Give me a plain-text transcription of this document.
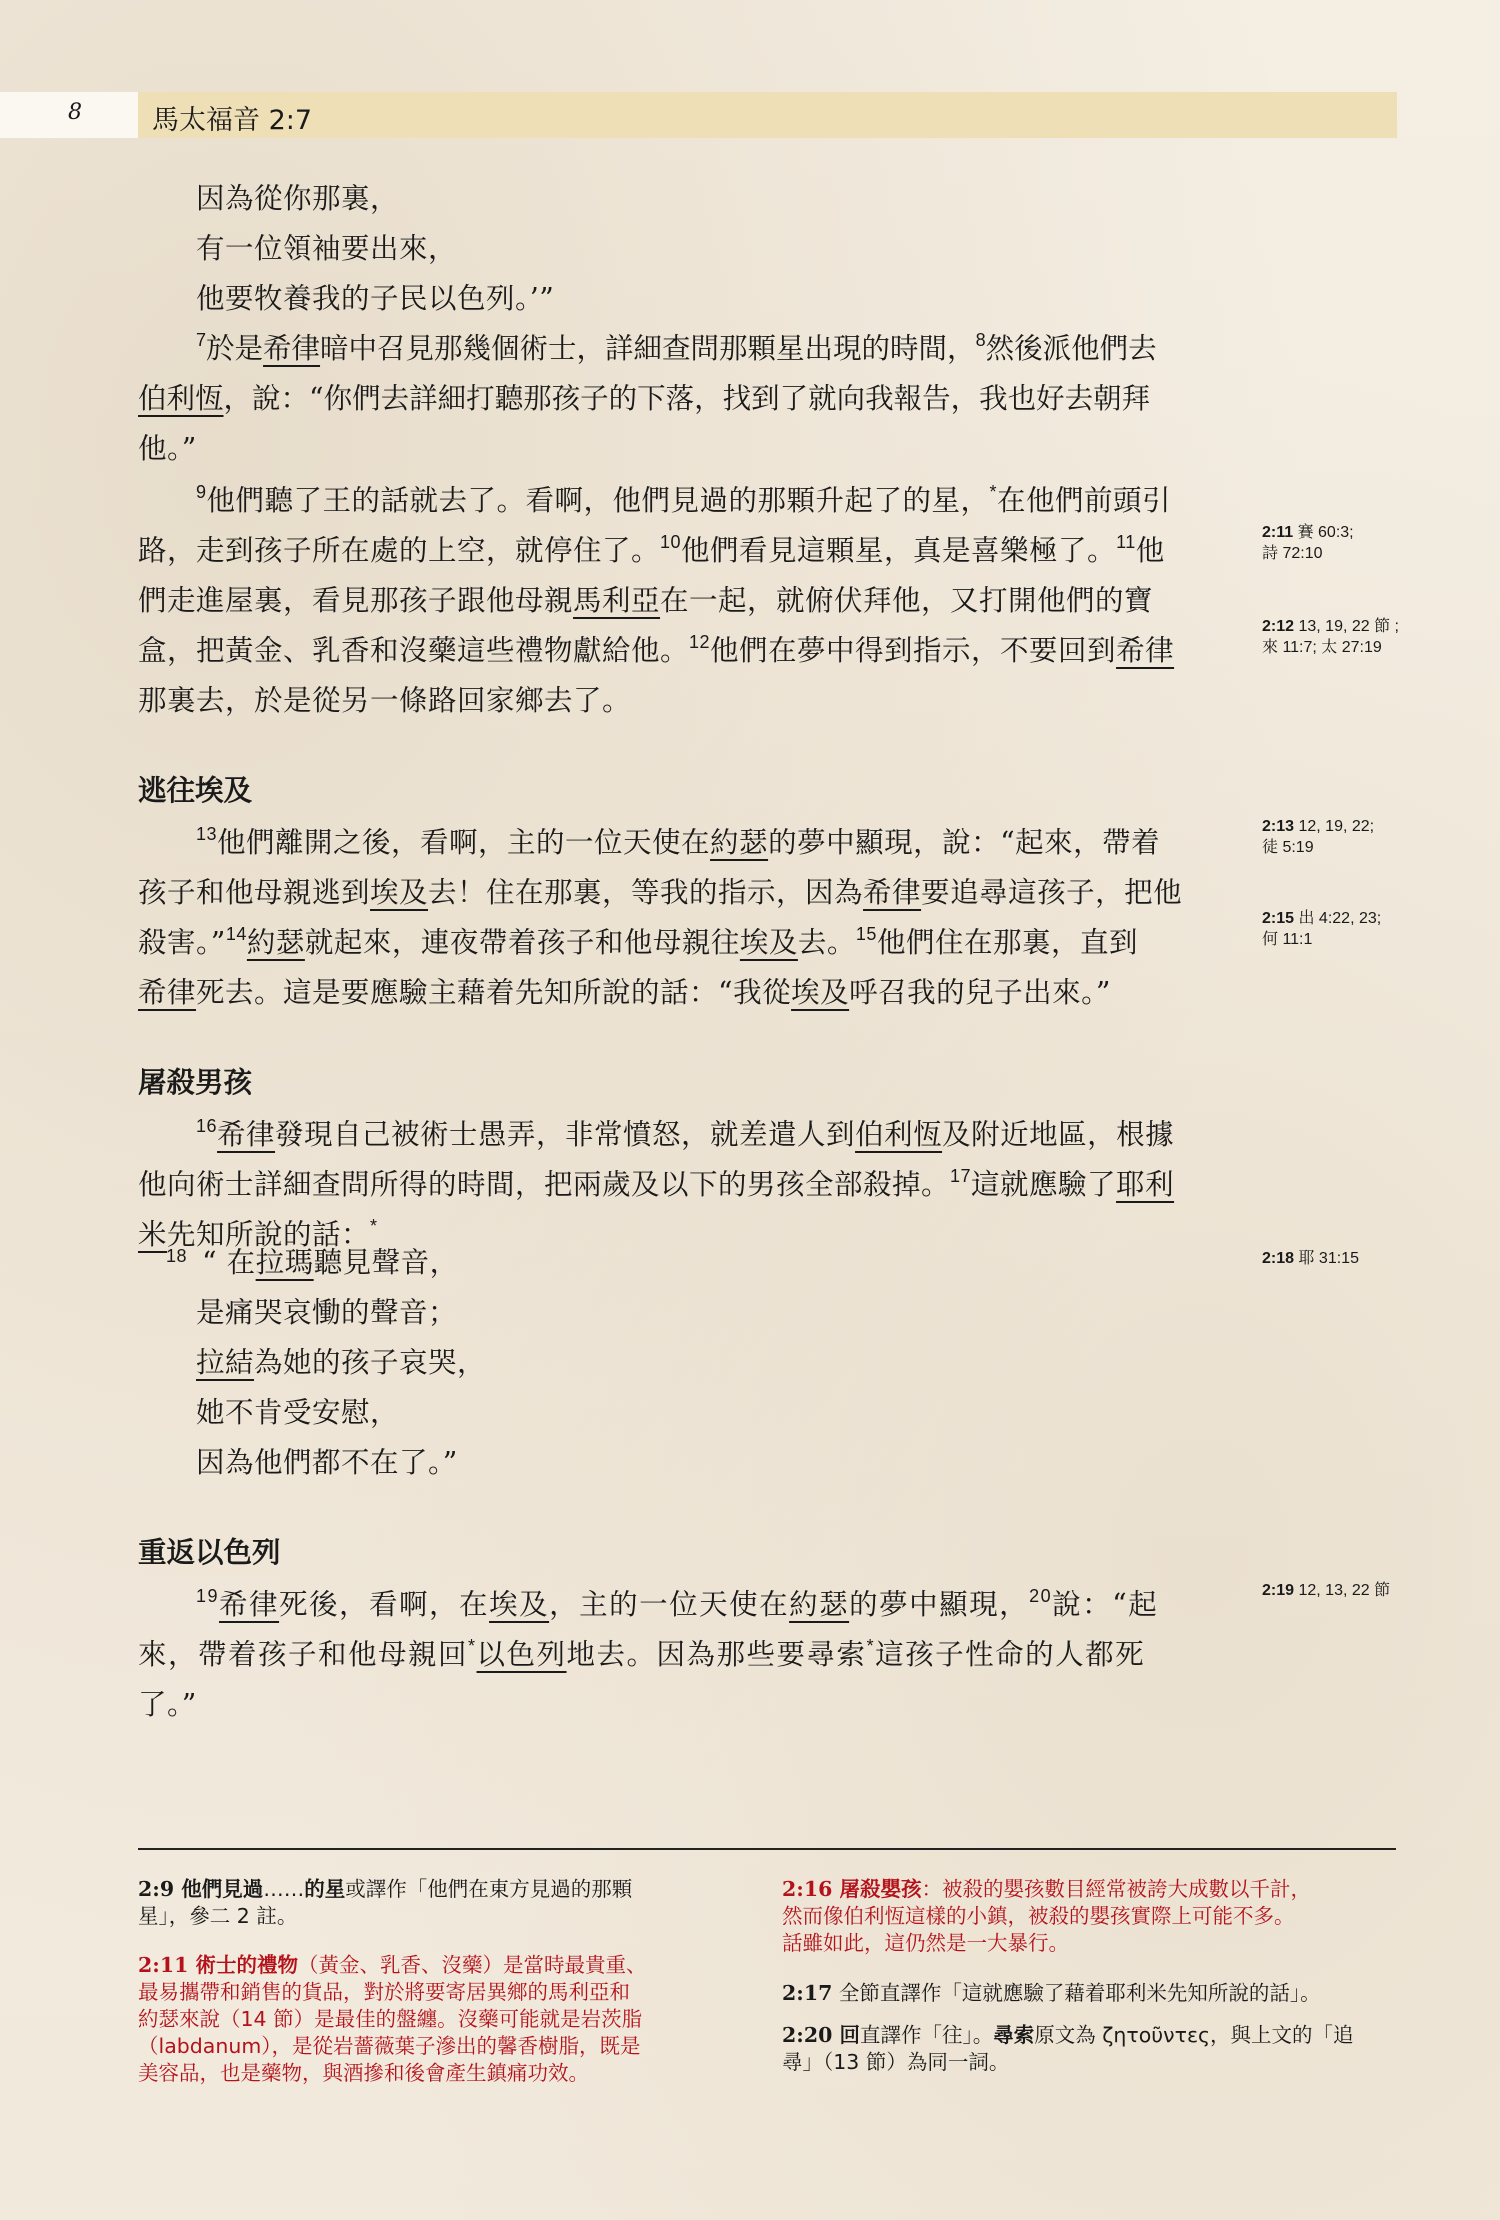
8	馬太福音 2:7
因為從你那裏，
有一位領袖要出來，
他要牧養我的子民以色列。’”
$^7$於是希律暗中召見那幾個術士，詳細查問那顆星出現的時間，$^8$然後派他們去
伯利恆，說：“你們去詳細打聽那孩子的下落，找到了就向我報告，我也好去朝拜
他。”
$^9$他們聽了王的話就去了。看啊，他們見過的那顆升起了的星，*在他們前頭引
路，走到孩子所在處的上空，就停住了。$^{10}$他們看見這顆星，真是喜樂極了。$^{11}$他
們走進屋裏，看見那孩子跟他母親馬利亞在一起，就俯伏拜他，又打開他們的寶
盒，把黃金、乳香和沒藥這些禮物獻給他。$^{12}$他們在夢中得到指示，不要回到希律
那裏去，於是從另一條路回家鄉去了。
逃往埃及
$^{13}$他們離開之後，看啊，主的一位天使在約瑟的夢中顯現，說：“起來，帶着
孩子和他母親逃到埃及去！住在那裏，等我的指示，因為希律要追尋這孩子，把他
殺害。”$^{14}$約瑟就起來，連夜帶着孩子和他母親往埃及去。$^{15}$他們住在那裏，直到
希律死去。這是要應驗主藉着先知所說的話：“我從埃及呼召我的兒子出來。”
屠殺男孩
$^{16}$希律發現自己被術士愚弄，非常憤怒，就差遣人到伯利恆及附近地區，根據
他向術士詳細查問所得的時間，把兩歲及以下的男孩全部殺掉。$^{17}$這就應驗了耶利
米先知所說的話：*
18 “ 在拉瑪聽見聲音，
是痛哭哀慟的聲音；
拉結為她的孩子哀哭，
她不肯受安慰，
因為他們都不在了。”
重返以色列
$^{19}$希律死後，看啊，在埃及，主的一位天使在約瑟的夢中顯現，$^{20}$說：“起
來，帶着孩子和他母親回*以色列地去。因為那些要尋索*這孩子性命的人都死
了。”
2:11 賽 60:3;
詩 72:10
2:12 13, 19, 22 節 ;
來 11:7; 太 27:19
2:13 12, 19, 22;
徒 5:19
2:15 出 4:22, 23;
何 11:1
2:18 耶 31:15
2:19 12, 13, 22 節
2:9 他們見過……的星或譯作「他們在東方見過的那顆
星」，參二 2 註。
2:11 術士的禮物（黃金、乳香、沒藥）是當時最貴重、
最易攜帶和銷售的貨品，對於將要寄居異鄉的馬利亞和
約瑟來說（14 節）是最佳的盤纏。沒藥可能就是岩茨脂
（labdanum），是從岩薔薇葉子滲出的馨香樹脂，既是
美容品，也是藥物，與酒摻和後會產生鎮痛功效。
2:16 屠殺嬰孩：被殺的嬰孩數目經常被誇大成數以千計，
然而像伯利恆這樣的小鎮，被殺的嬰孩實際上可能不多。
話雖如此，這仍然是一大暴行。
2:17 全節直譯作「這就應驗了藉着耶利米先知所說的話」。
2:20 回直譯作「往」。尋索原文為 ζητοῦντες，與上文的「追
尋」（13 節）為同一詞。
